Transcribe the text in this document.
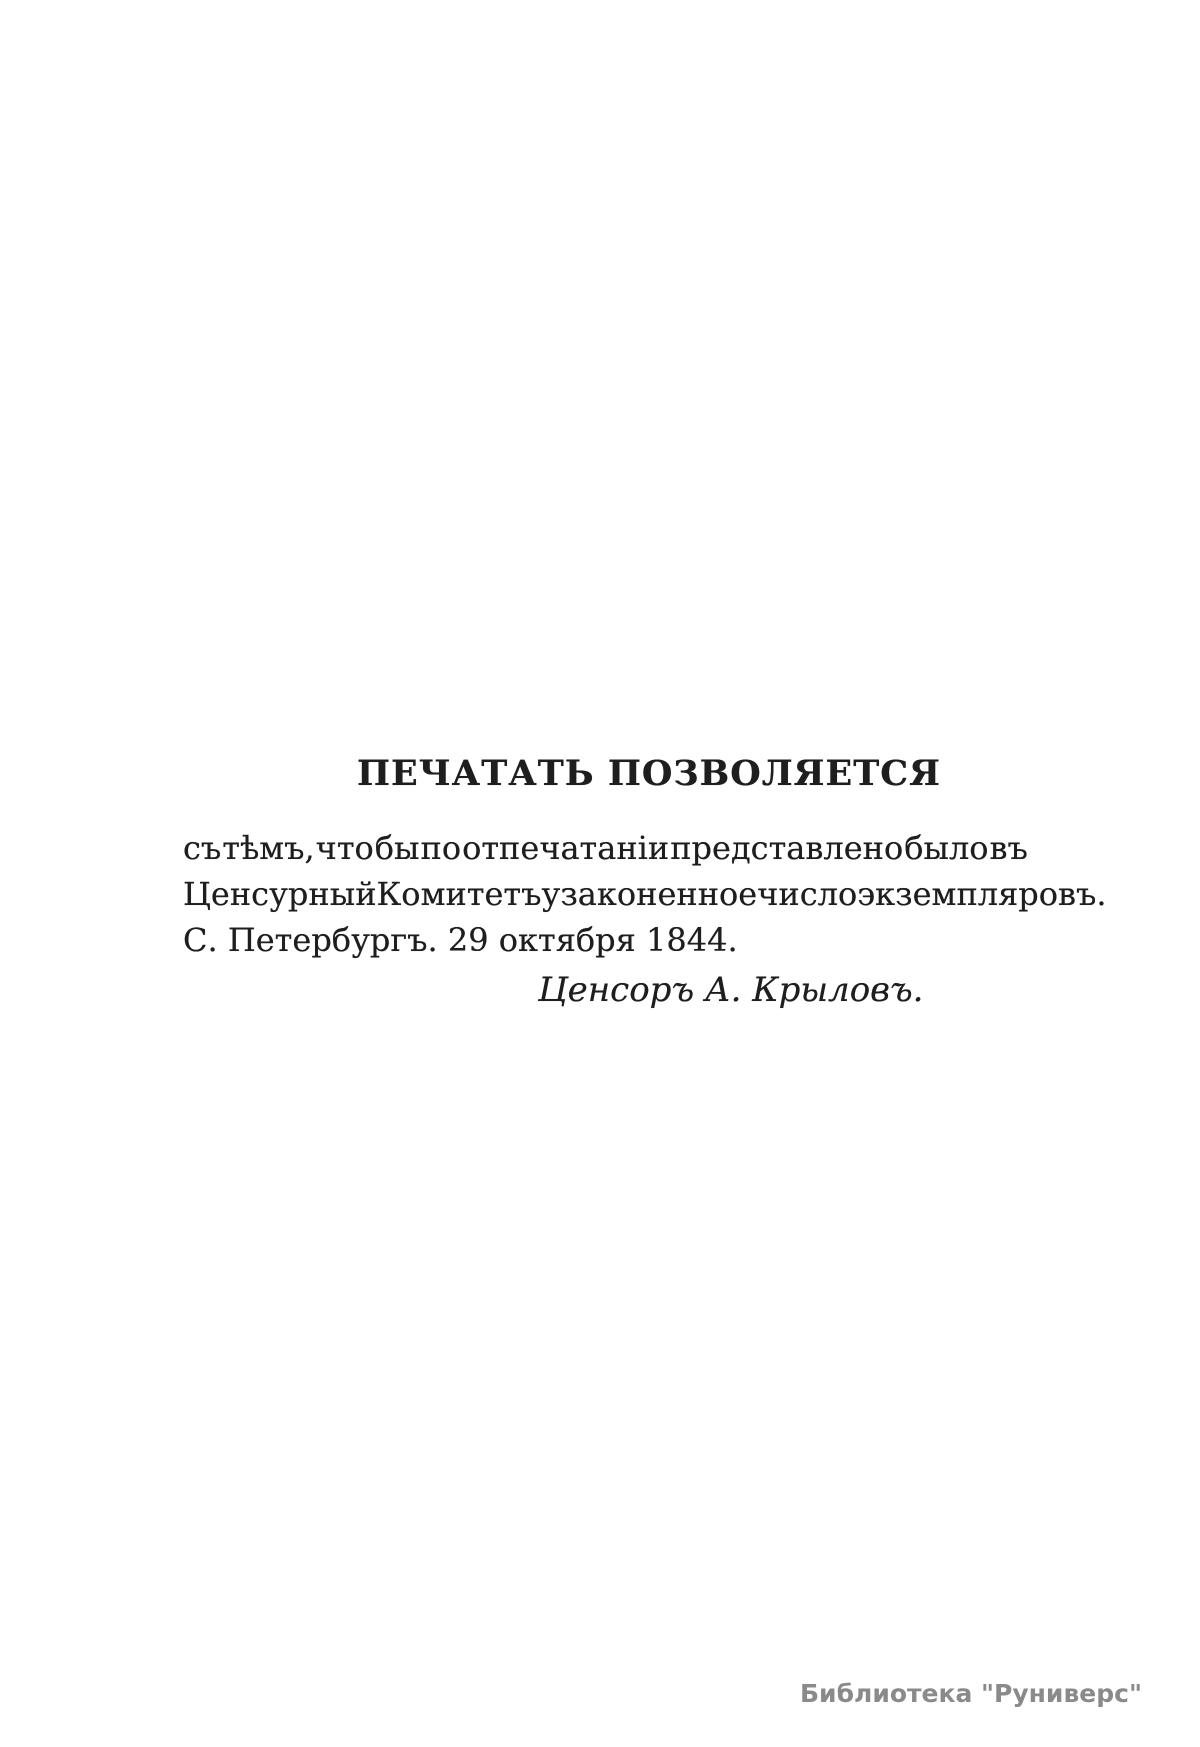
ПЕЧАТАТЬ ПОЗВОЛЯЕТСЯ
съ тѣмъ, что бы по отпечатаніи представлено было въ
Ценсурный Комитетъ узаконенное число экземпляровъ.
С. Петербургъ. 29 октября 1844.
Ценсоръ А. Крыловъ.
Библиотека "Руниверс"
